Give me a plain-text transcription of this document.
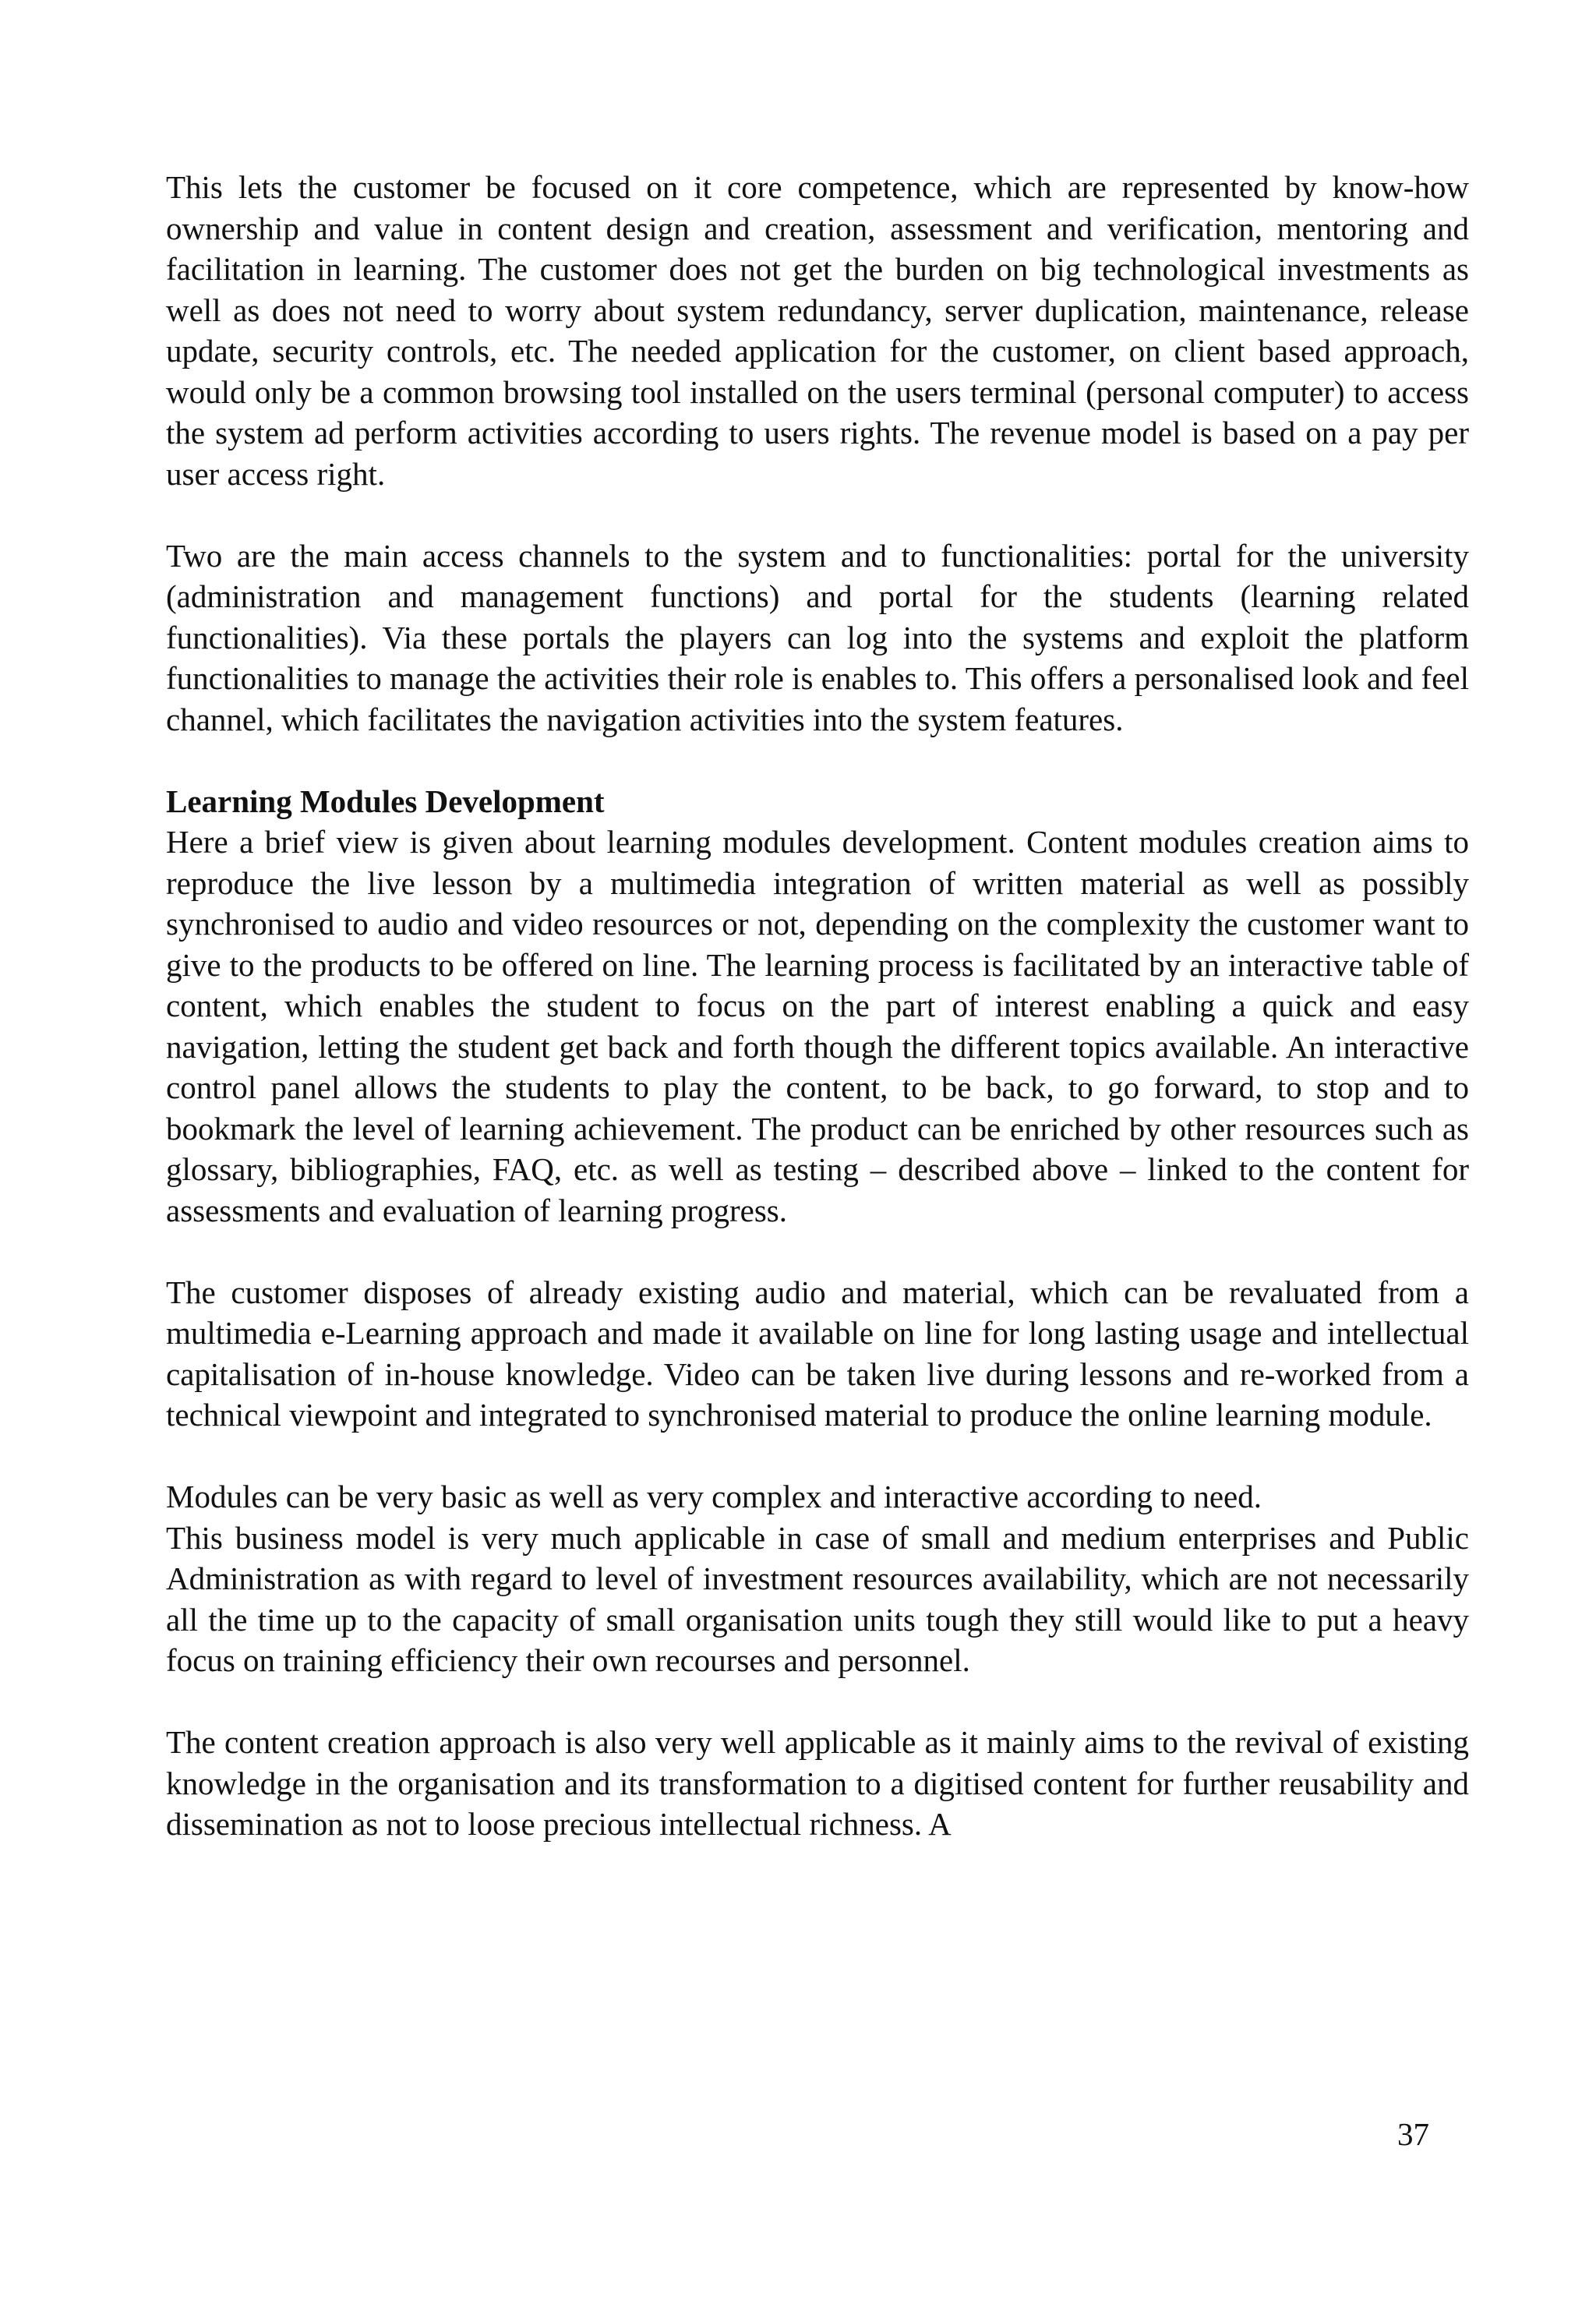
This lets the customer be focused on it core competence, which are represented by know-how ownership and value in content design and creation, assessment and verification, mentoring and facilitation in learning. The customer does not get the burden on big technological investments as well as does not need to worry about system redundancy, server duplication, maintenance, release update, security controls, etc. The needed application for the customer, on client based approach, would only be a common browsing tool installed on the users terminal (personal computer) to access the system ad perform activities according to users rights. The revenue model is based on a pay per user access right.

Two are the main access channels to the system and to functionalities: portal for the university (administration and management functions) and portal for the students (learning related functionalities). Via these portals the players can log into the systems and exploit the platform functionalities to manage the activities their role is enables to. This offers a personalised look and feel channel, which facilitates the navigation activities into the system features.

Learning Modules Development

Here a brief view is given about learning modules development. Content modules creation aims to reproduce the live lesson by a multimedia integration of written material as well as possibly synchronised to audio and video resources or not, depending on the complexity the customer want to give to the products to be offered on line. The learning process is facilitated by an interactive table of content, which enables the student to focus on the part of interest enabling a quick and easy navigation, letting the student get back and forth though the different topics available. An interactive control panel allows the students to play the content, to be back, to go forward, to stop and to bookmark the level of learning achievement. The product can be enriched by other resources such as glossary, bibliographies, FAQ, etc. as well as testing – described above – linked to the content for assessments and evaluation of learning progress.

The customer disposes of already existing audio and material, which can be revaluated from a multimedia e-Learning approach and made it available on line for long lasting usage and intellectual capitalisation of in-house knowledge. Video can be taken live during lessons and re-worked from a technical viewpoint and integrated to synchronised material to produce the online learning module.

Modules can be very basic as well as very complex and interactive according to need.

This business model is very much applicable in case of small and medium enterprises and Public Administration as with regard to level of investment resources availability, which are not necessarily all the time up to the capacity of small organisation units tough they still would like to put a heavy focus on training efficiency their own recourses and personnel.

The content creation approach is also very well applicable as it mainly aims to the revival of existing knowledge in the organisation and its transformation to a digitised content for further reusability and dissemination as not to loose precious intellectual richness. A

37
